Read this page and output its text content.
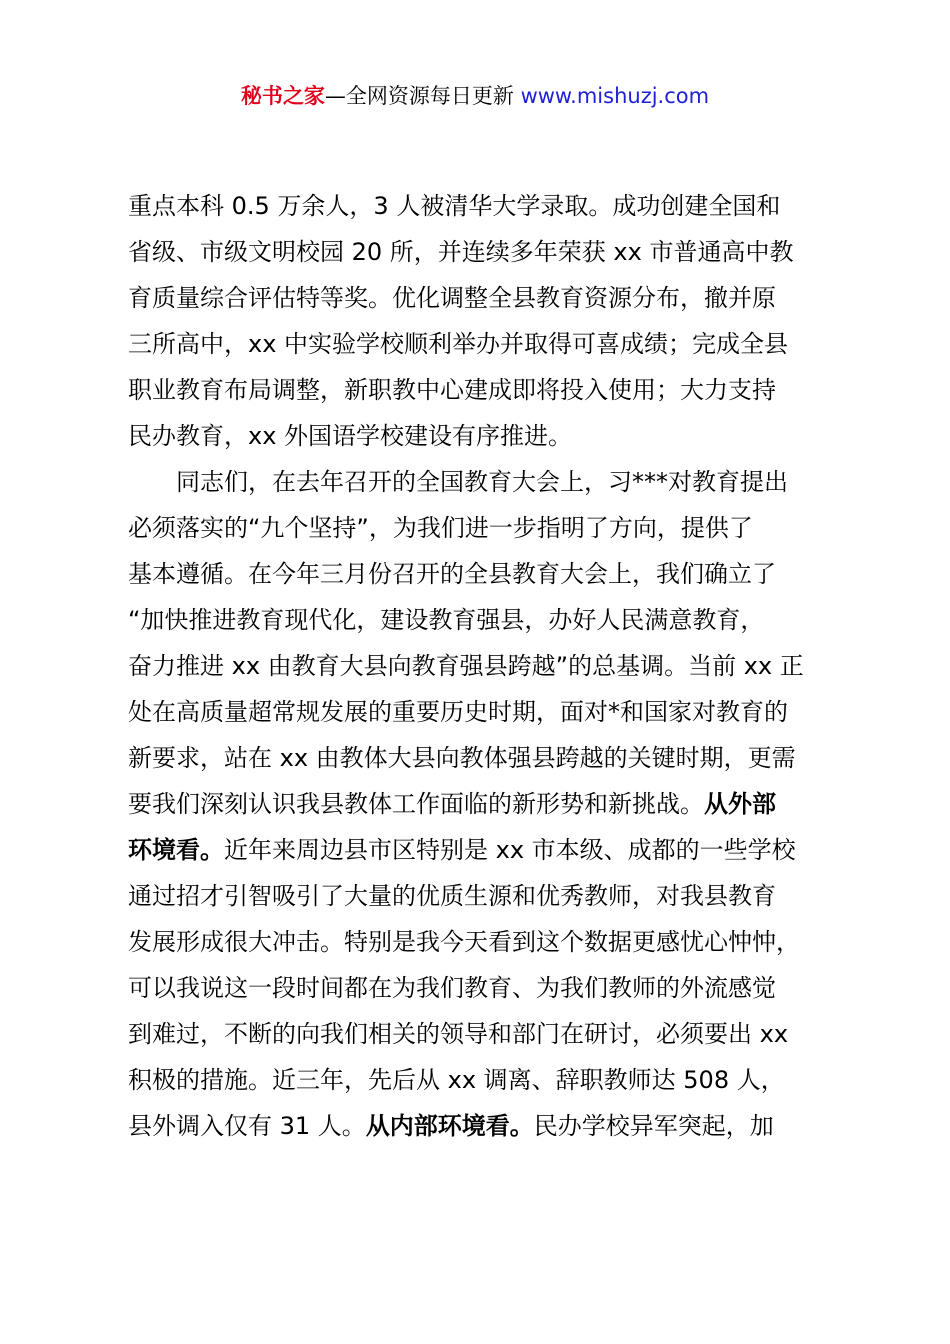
秘书之家—全网资源每日更新 www.mishuzj.com
重点本科 0.5 万余人，3 人被清华大学录取。成功创建全国和
省级、市级文明校园 20 所，并连续多年荣获 xx 市普通高中教
育质量综合评估特等奖。优化调整全县教育资源分布，撤并原
三所高中，xx 中实验学校顺利举办并取得可喜成绩；完成全县
职业教育布局调整，新职教中心建成即将投入使用；大力支持
民办教育，xx 外国语学校建设有序推进。
同志们，在去年召开的全国教育大会上，习***对教育提出
必须落实的“九个坚持”，为我们进一步指明了方向，提供了
基本遵循。在今年三月份召开的全县教育大会上，我们确立了
“加快推进教育现代化，建设教育强县，办好人民满意教育，
奋力推进 xx 由教育大县向教育强县跨越”的总基调。当前 xx 正
处在高质量超常规发展的重要历史时期，面对*和国家对教育的
新要求，站在 xx 由教体大县向教体强县跨越的关键时期，更需
要我们深刻认识我县教体工作面临的新形势和新挑战。从外部
环境看。近年来周边县市区特别是 xx 市本级、成都的一些学校
通过招才引智吸引了大量的优质生源和优秀教师，对我县教育
发展形成很大冲击。特别是我今天看到这个数据更感忧心忡忡，
可以我说这一段时间都在为我们教育、为我们教师的外流感觉
到难过，不断的向我们相关的领导和部门在研讨，必须要出 xx
积极的措施。近三年，先后从 xx 调离、辞职教师达 508 人，
县外调入仅有 31 人。从内部环境看。民办学校异军突起，加
